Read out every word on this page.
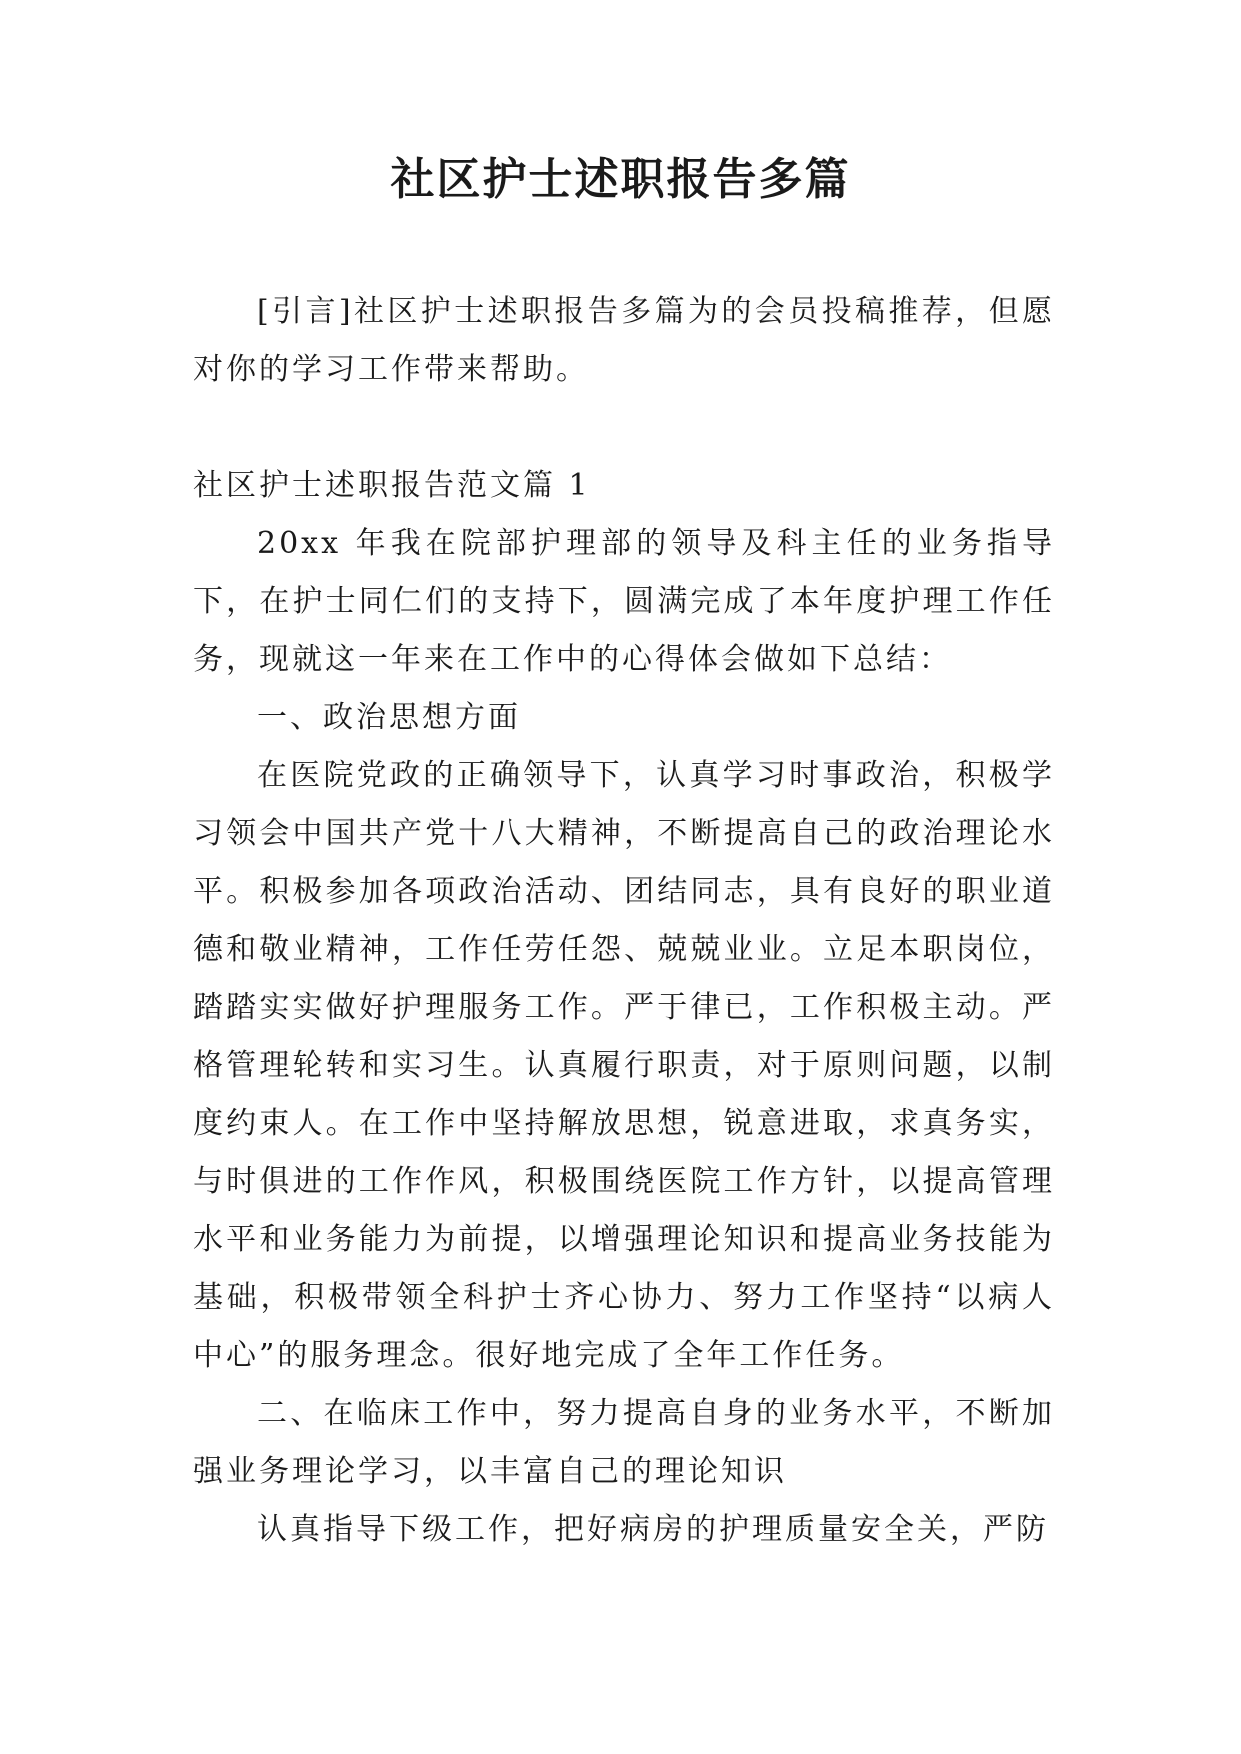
社区护士述职报告多篇

[引言]社区护士述职报告多篇为的会员投稿推荐，但愿对你的学习工作带来帮助。

社区护士述职报告范文篇 1

20xx 年我在院部护理部的领导及科主任的业务指导下，在护士同仁们的支持下，圆满完成了本年度护理工作任务，现就这一年来在工作中的心得体会做如下总结：

一、政治思想方面

在医院党政的正确领导下，认真学习时事政治，积极学习领会中国共产党十八大精神，不断提高自己的政治理论水平。积极参加各项政治活动、团结同志，具有良好的职业道德和敬业精神，工作任劳任怨、兢兢业业。立足本职岗位，踏踏实实做好护理服务工作。严于律已，工作积极主动。严格管理轮转和实习生。认真履行职责，对于原则问题，以制度约束人。在工作中坚持解放思想，锐意进取，求真务实，与时俱进的工作作风，积极围绕医院工作方针，以提高管理水平和业务能力为前提，以增强理论知识和提高业务技能为基础，积极带领全科护士齐心协力、努力工作坚持“以病人中心”的服务理念。很好地完成了全年工作任务。

二、在临床工作中，努力提高自身的业务水平，不断加强业务理论学习，以丰富自己的理论知识

认真指导下级工作，把好病房的护理质量安全关，严防
